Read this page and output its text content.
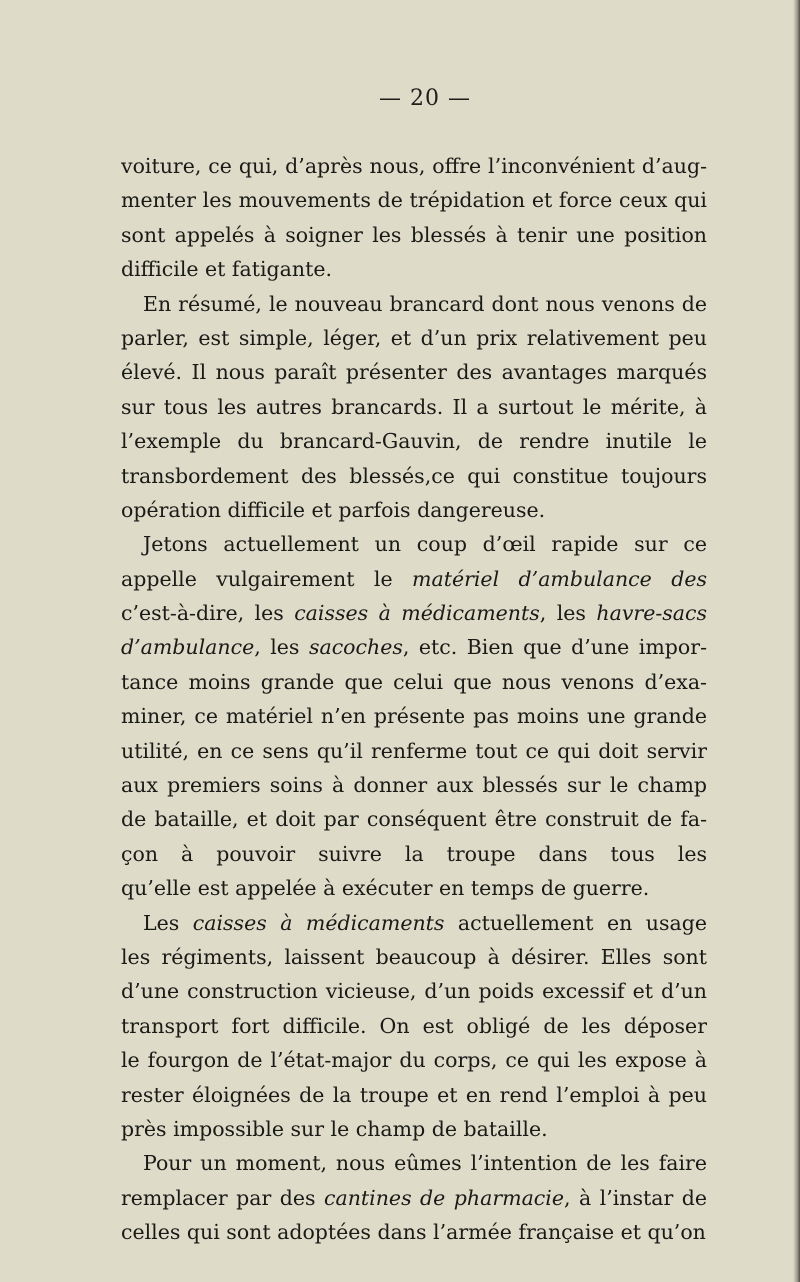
— 20 —
voiture, ce qui, d’après nous, offre l’inconvénient d’aug-
menter les mouvements de trépidation et force ceux qui
sont appelés à soigner les blessés à tenir une position
difficile et fatigante.
En résumé, le nouveau brancard dont nous venons de
parler, est simple, léger, et d’un prix relativement peu
élevé. Il nous paraît présenter des avantages marqués
sur tous les autres brancards. Il a surtout le mérite, à
l’exemple du brancard-Gauvin, de rendre inutile le
transbordement des blessés,ce qui constitue toujours
opération difficile et parfois dangereuse.
Jetons actuellement un coup d’œil rapide sur ce
appelle vulgairement le matériel d’ambulance des
c’est-à-dire, les caisses à médicaments, les havre-sacs
d’ambulance, les sacoches, etc. Bien que d’une impor-
tance moins grande que celui que nous venons d’exa-
miner, ce matériel n’en présente pas moins une grande
utilité, en ce sens qu’il renferme tout ce qui doit servir
aux premiers soins à donner aux blessés sur le champ
de bataille, et doit par conséquent être construit de fa-
çon à pouvoir suivre la troupe dans tous les
qu’elle est appelée à exécuter en temps de guerre.
Les caisses à médicaments actuellement en usage
les régiments, laissent beaucoup à désirer. Elles sont
d’une construction vicieuse, d’un poids excessif et d’un
transport fort difficile. On est obligé de les déposer
le fourgon de l’état-major du corps, ce qui les expose à
rester éloignées de la troupe et en rend l’emploi à peu
près impossible sur le champ de bataille.
Pour un moment, nous eûmes l’intention de les faire
remplacer par des cantines de pharmacie, à l’instar de
celles qui sont adoptées dans l’armée française et qu’on
